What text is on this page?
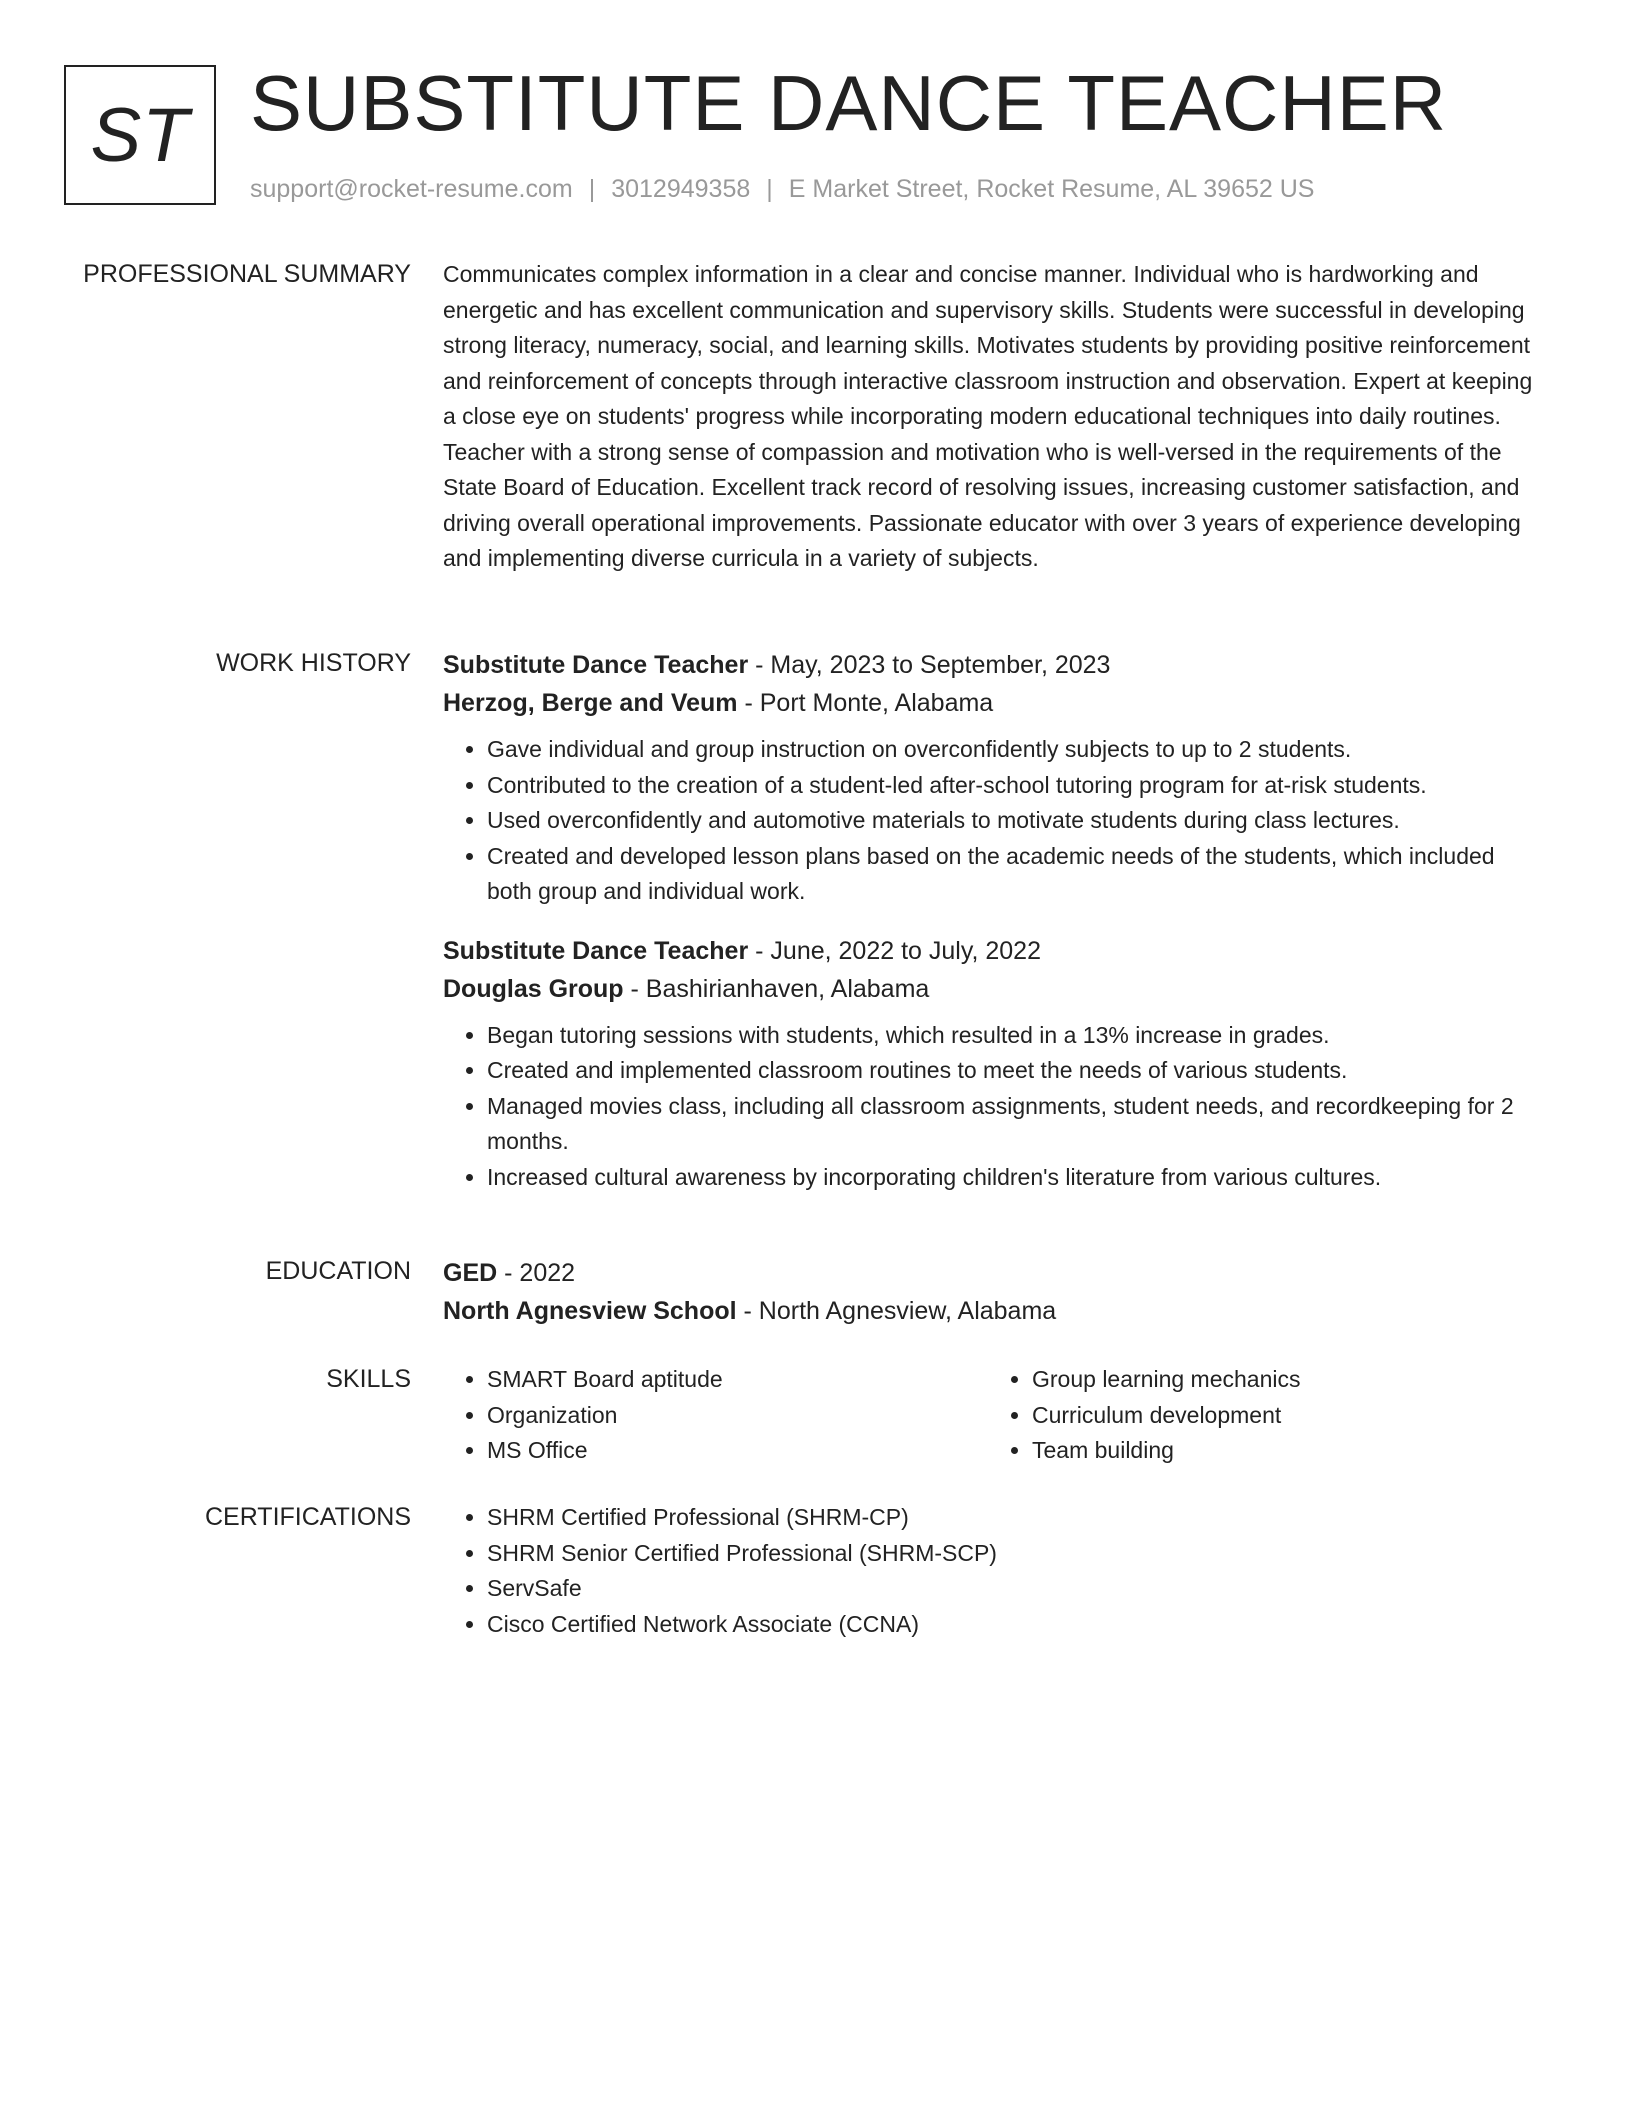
ST SUBSTITUTE DANCE TEACHER
support@rocket-resume.com | 3012949358 | E Market Street, Rocket Resume, AL 39652 US
PROFESSIONAL SUMMARY Communicates complex information in a clear and concise manner. Individual who is hardworking and energetic and has excellent communication and supervisory skills. Students were successful in developing strong literacy, numeracy, social, and learning skills. Motivates students by providing positive reinforcement and reinforcement of concepts through interactive classroom instruction and observation. Expert at keeping a close eye on students' progress while incorporating modern educational techniques into daily routines. Teacher with a strong sense of compassion and motivation who is well-versed in the requirements of the State Board of Education. Excellent track record of resolving issues, increasing customer satisfaction, and driving overall operational improvements. Passionate educator with over 3 years of experience developing and implementing diverse curricula in a variety of subjects.

WORK HISTORY Substitute Dance Teacher - May, 2023 to September, 2023
Herzog, Berge and Veum - Port Monte, Alabama
• Gave individual and group instruction on overconfidently subjects to up to 2 students.
• Contributed to the creation of a student-led after-school tutoring program for at-risk students.
• Used overconfidently and automotive materials to motivate students during class lectures.
• Created and developed lesson plans based on the academic needs of the students, which included both group and individual work.
Substitute Dance Teacher - June, 2022 to July, 2022
Douglas Group - Bashirianhaven, Alabama
• Began tutoring sessions with students, which resulted in a 13% increase in grades.
• Created and implemented classroom routines to meet the needs of various students.
• Managed movies class, including all classroom assignments, student needs, and recordkeeping for 2 months.
• Increased cultural awareness by incorporating children's literature from various cultures.
EDUCATION GED - 2022
North Agnesview School - North Agnesview, Alabama
SKILLS	• SMART Board aptitude
• Organization
• MS Office
• Group learning mechanics
• Curriculum development
• Team building
CERTIFICATIONS	• SHRM Certified Professional (SHRM-CP)
• SHRM Senior Certified Professional (SHRM-SCP)
• ServSafe
• Cisco Certified Network Associate (CCNA)
